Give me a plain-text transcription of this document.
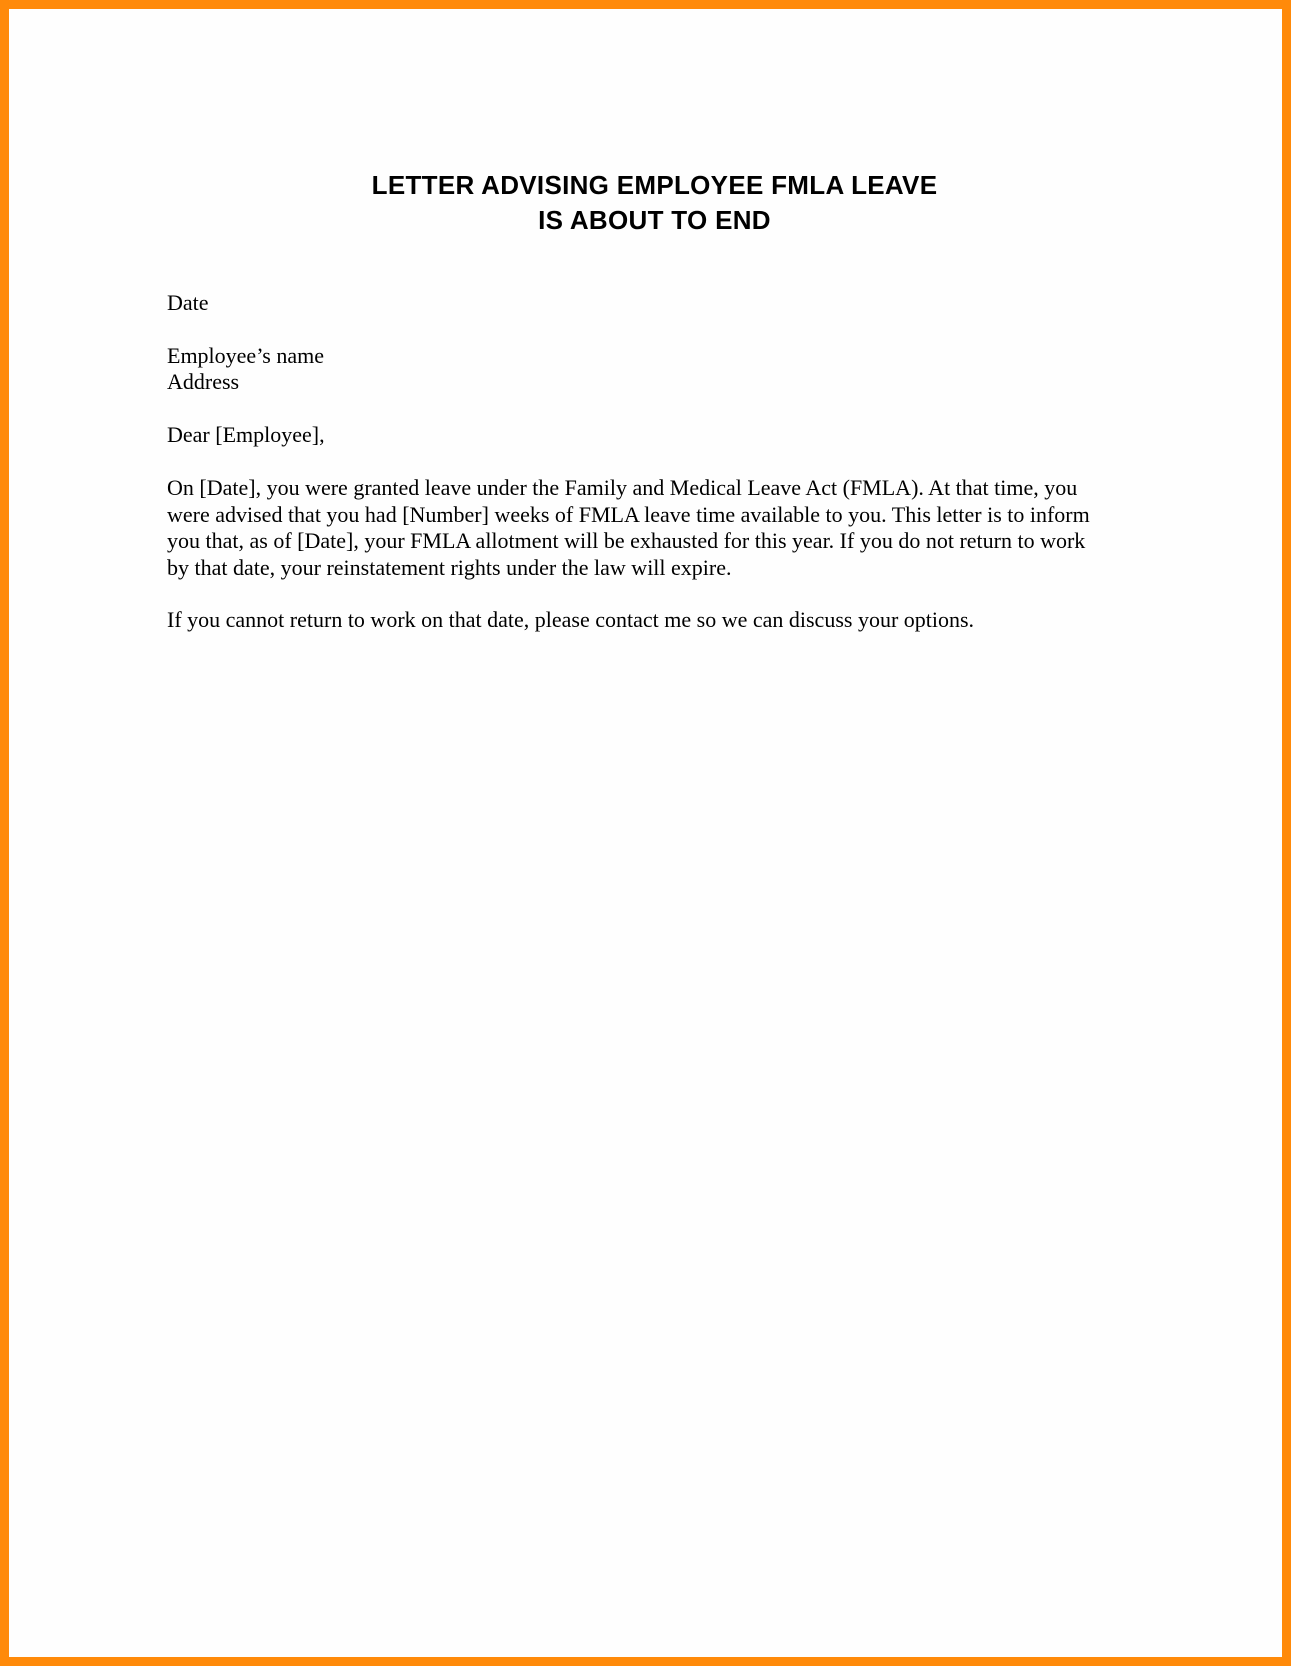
LETTER ADVISING EMPLOYEE FMLA LEAVE
IS ABOUT TO END
Date
Employee’s name
Address
Dear [Employee],
On [Date], you were granted leave under the Family and Medical Leave Act (FMLA). At that time, you
were advised that you had [Number] weeks of FMLA leave time available to you. This letter is to inform
you that, as of [Date], your FMLA allotment will be exhausted for this year. If you do not return to work
by that date, your reinstatement rights under the law will expire.
If you cannot return to work on that date, please contact me so we can discuss your options.
